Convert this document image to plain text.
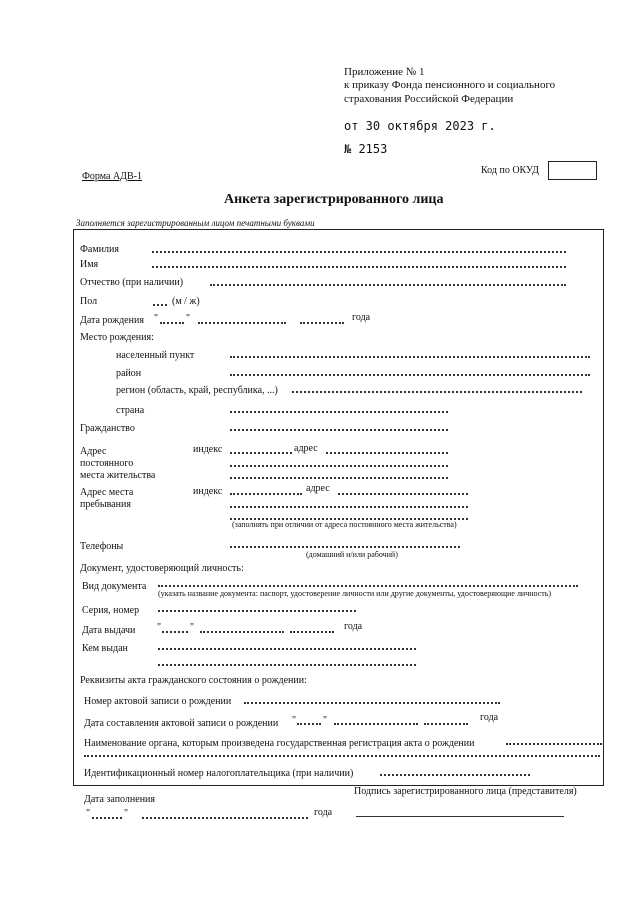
Приложение № 1
к приказу Фонда пенсионного и социального
страхования Российской Федерации
от 30 октября 2023 г.
№ 2153
Форма АДВ-1
Код по ОКУД
Анкета зарегистрированного лица
Заполняется зарегистрированным лицом печатными буквами
Фамилия
Имя
Отчество (при наличии)
Пол	(м / ж)
Дата рождения "	"	года
Место рождения:
населенный пункт
район
регион (область, край, республика, ...)
страна
Гражданство
Адрес
постоянного
места жительства
индекс	адрес
Адрес места
пребывания
индекс	адрес
(заполнять при отличии от адреса постоянного места жительства)
Телефоны
(домашний и/или рабочий)
Документ, удостоверяющий личность:
Вид документа
(указать название документа: паспорт, удостоверение личности или другие документы, удостоверяющие личность)
Серия, номер
Дата выдачи "	"	года
Кем выдан
Реквизиты акта гражданского состояния о рождении:
Номер актовой записи о рождении
Дата составления актовой записи о рождении "	"	года
Наименование органа, которым произведена государственная регистрация акта о рождении
Идентификационный номер налогоплательщика (при наличии)
Дата заполнения
Подпись зарегистрированного лица (представителя)
"	"	года
